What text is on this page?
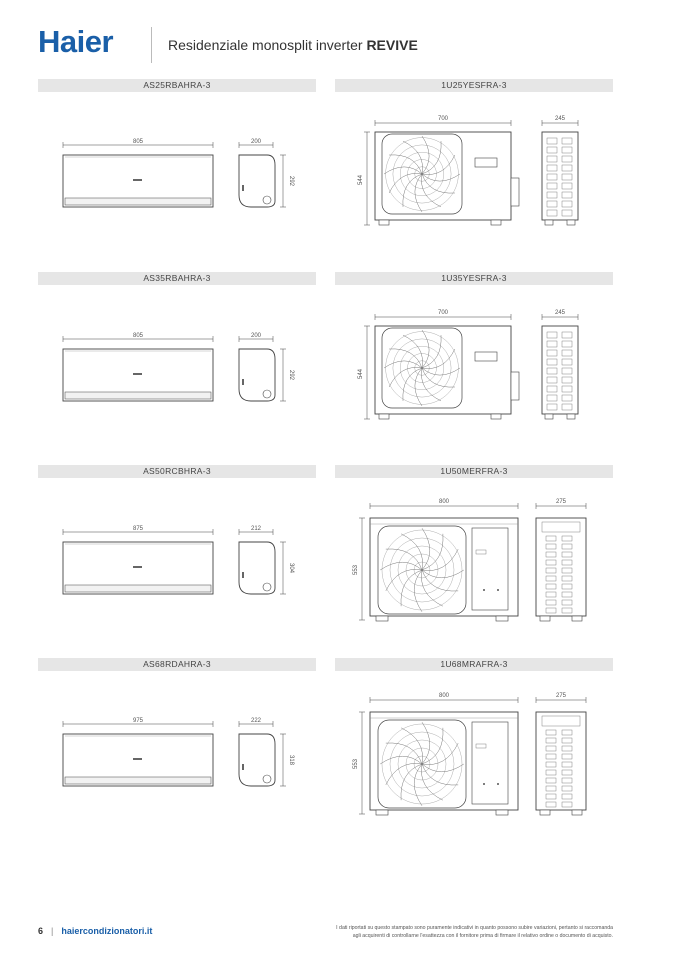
Haier	Residenziale monosplit inverter REVIVE
AS25RBAHRA-3	1U25YESFRA-3
805	200
292
700
544
245
AS35RBAHRA-3	1U35YESFRA-3
805	200
292
700
544
245
AS50RCBHRA-3	1U50MERFRA-3
875	212
304
800
553
275
AS68RDAHRA-3	1U68MRAFRA-3
975	222
318
800
553
275
6 | haiercondizionatori.it	I dati riportati su questo stampato sono puramente indicativi in quanto possono subire variazioni, pertanto si raccomanda
agli acquirenti di controllarne l'esattezza con il fornitore prima di firmare il relativo ordine o documento di acquisto.
